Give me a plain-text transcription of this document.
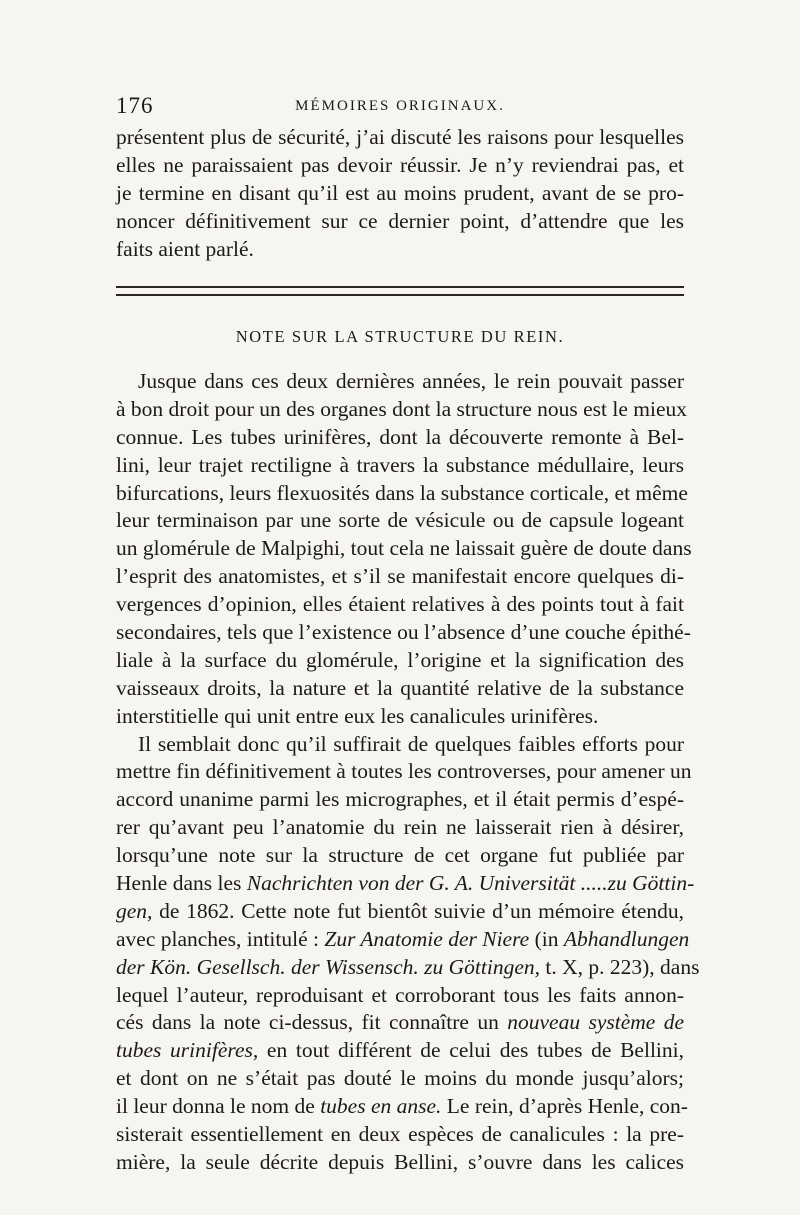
176	MÉMOIRES ORIGINAUX.
présentent plus de sécurité, j’ai discuté les raisons pour lesquelles
elles ne paraissaient pas devoir réussir. Je n’y reviendrai pas, et
je termine en disant qu’il est au moins prudent, avant de se pro-
noncer définitivement sur ce dernier point, d’attendre que les
faits aient parlé.
NOTE SUR LA STRUCTURE DU REIN.
Jusque dans ces deux dernières années, le rein pouvait passer
à bon droit pour un des organes dont la structure nous est le mieux
connue. Les tubes urinifères, dont la découverte remonte à Bel-
lini, leur trajet rectiligne à travers la substance médullaire, leurs
bifurcations, leurs flexuosités dans la substance corticale, et même
leur terminaison par une sorte de vésicule ou de capsule logeant
un glomérule de Malpighi, tout cela ne laissait guère de doute dans
l’esprit des anatomistes, et s’il se manifestait encore quelques di-
vergences d’opinion, elles étaient relatives à des points tout à fait
secondaires, tels que l’existence ou l’absence d’une couche épithé-
liale à la surface du glomérule, l’origine et la signification des
vaisseaux droits, la nature et la quantité relative de la substance
interstitielle qui unit entre eux les canalicules urinifères.
Il semblait donc qu’il suffirait de quelques faibles efforts pour
mettre fin définitivement à toutes les controverses, pour amener un
accord unanime parmi les micrographes, et il était permis d’espé-
rer qu’avant peu l’anatomie du rein ne laisserait rien à désirer,
lorsqu’une note sur la structure de cet organe fut publiée par
Henle dans les Nachrichten von der G. A. Universität .....zu Göttin-
gen, de 1862. Cette note fut bientôt suivie d’un mémoire étendu,
avec planches, intitulé : Zur Anatomie der Niere (in Abhandlungen
der Kön. Gesellsch. der Wissensch. zu Göttingen, t. X, p. 223), dans
lequel l’auteur, reproduisant et corroborant tous les faits annon-
cés dans la note ci-dessus, fit connaître un nouveau système de
tubes urinifères, en tout différent de celui des tubes de Bellini,
et dont on ne s’était pas douté le moins du monde jusqu’alors;
il leur donna le nom de tubes en anse. Le rein, d’après Henle, con-
sisterait essentiellement en deux espèces de canalicules : la pre-
mière, la seule décrite depuis Bellini, s’ouvre dans les calices
